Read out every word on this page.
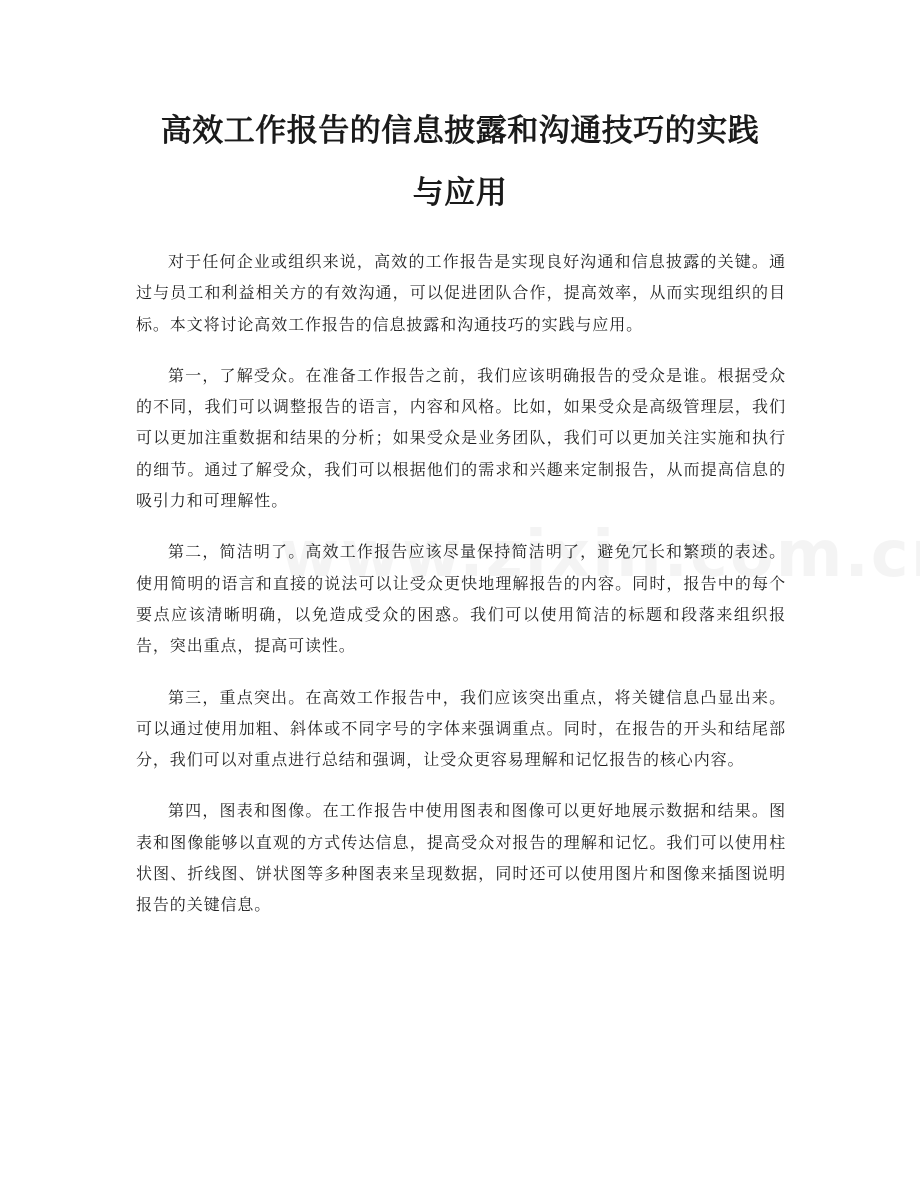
高效工作报告的信息披露和沟通技巧的实践
与应用

对于任何企业或组织来说，高效的工作报告是实现良好沟通和信息披露的关键。通过与员工和利益相关方的有效沟通，可以促进团队合作，提高效率，从而实现组织的目标。本文将讨论高效工作报告的信息披露和沟通技巧的实践与应用。

第一，了解受众。在准备工作报告之前，我们应该明确报告的受众是谁。根据受众的不同，我们可以调整报告的语言，内容和风格。比如，如果受众是高级管理层，我们可以更加注重数据和结果的分析；如果受众是业务团队，我们可以更加关注实施和执行的细节。通过了解受众，我们可以根据他们的需求和兴趣来定制报告，从而提高信息的吸引力和可理解性。

第二，简洁明了。高效工作报告应该尽量保持简洁明了，避免冗长和繁琐的表述。使用简明的语言和直接的说法可以让受众更快地理解报告的内容。同时，报告中的每个要点应该清晰明确，以免造成受众的困惑。我们可以使用简洁的标题和段落来组织报告，突出重点，提高可读性。

第三，重点突出。在高效工作报告中，我们应该突出重点，将关键信息凸显出来。可以通过使用加粗、斜体或不同字号的字体来强调重点。同时，在报告的开头和结尾部分，我们可以对重点进行总结和强调，让受众更容易理解和记忆报告的核心内容。

第四，图表和图像。在工作报告中使用图表和图像可以更好地展示数据和结果。图表和图像能够以直观的方式传达信息，提高受众对报告的理解和记忆。我们可以使用柱状图、折线图、饼状图等多种图表来呈现数据，同时还可以使用图片和图像来插图说明报告的关键信息。
